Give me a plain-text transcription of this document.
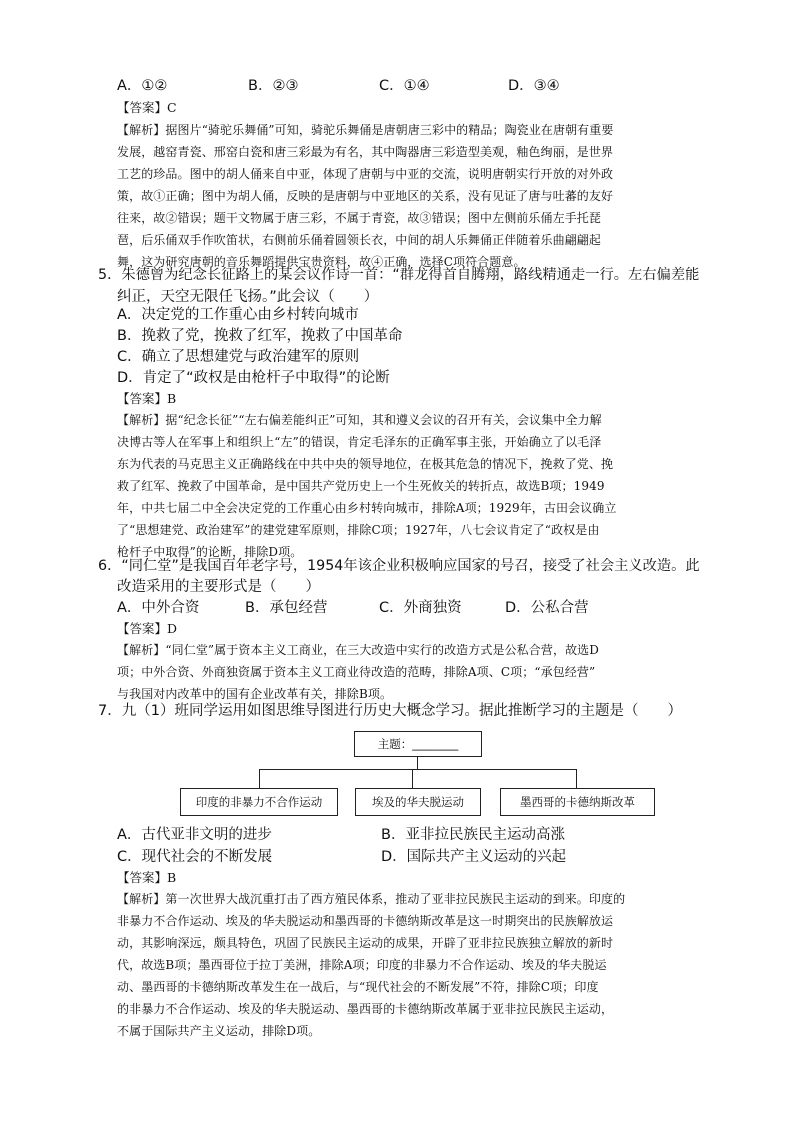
A．①②	B．②③	C．①④	D．③④
【答案】C
【解析】据图片“骑驼乐舞俑”可知，骑驼乐舞俑是唐朝唐三彩中的精品；陶瓷业在唐朝有重要
发展，越窑青瓷、邢窑白瓷和唐三彩最为有名，其中陶器唐三彩造型美观，釉色绚丽，是世界
工艺的珍品。图中的胡人俑来自中亚，体现了唐朝与中亚的交流，说明唐朝实行开放的对外政
策，故①正确；图中为胡人俑，反映的是唐朝与中亚地区的关系，没有见证了唐与吐蕃的友好
往来，故②错误；题干文物属于唐三彩，不属于青瓷，故③错误；图中左侧前乐俑左手托琵
琶，后乐俑双手作吹笛状，右侧前乐俑着圆领长衣，中间的胡人乐舞俑正伴随着乐曲翩翩起
舞，这为研究唐朝的音乐舞蹈提供宝贵资料，故④正确，选择C项符合题意。
5．朱德曾为纪念长征路上的某会议作诗一首：“群龙得首自腾翔，路线精通走一行。左右偏差能
纠正，天空无限任飞扬。”此会议（　　）
A．决定党的工作重心由乡村转向城市
B．挽救了党，挽救了红军，挽救了中国革命
C．确立了思想建党与政治建军的原则
D．肯定了“政权是由枪杆子中取得”的论断
【答案】B
【解析】据“纪念长征”“左右偏差能纠正”可知，其和遵义会议的召开有关，会议集中全力解
决博古等人在军事上和组织上“左”的错误，肯定毛泽东的正确军事主张，开始确立了以毛泽
东为代表的马克思主义正确路线在中共中央的领导地位，在极其危急的情况下，挽救了党、挽
救了红军、挽救了中国革命，是中国共产党历史上一个生死攸关的转折点，故选B项；1949
年，中共七届二中全会决定党的工作重心由乡村转向城市，排除A项；1929年，古田会议确立
了“思想建党、政治建军”的建党建军原则，排除C项；1927年，八七会议肯定了“政权是由
枪杆子中取得”的论断，排除D项。
6．“同仁堂”是我国百年老字号，1954年该企业积极响应国家的号召，接受了社会主义改造。此
改造采用的主要形式是（　　）
A．中外合资	B．承包经营	C．外商独资	D．公私合营
【答案】D
【解析】“同仁堂”属于资本主义工商业，在三大改造中实行的改造方式是公私合营，故选D
项；中外合资、外商独资属于资本主义工商业待改造的范畴，排除A项、C项；“承包经营”
与我国对内改革中的国有企业改革有关，排除B项。
7．九（1）班同学运用如图思维导图进行历史大概念学习。据此推断学习的主题是（　　）
主题：________
印度的非暴力不合作运动	埃及的华夫脱运动	墨西哥的卡德纳斯改革
A．古代亚非文明的进步	B．亚非拉民族民主运动高涨
C．现代社会的不断发展	D．国际共产主义运动的兴起
【答案】B
【解析】第一次世界大战沉重打击了西方殖民体系，推动了亚非拉民族民主运动的到来。印度的
非暴力不合作运动、埃及的华夫脱运动和墨西哥的卡德纳斯改革是这一时期突出的民族解放运
动，其影响深远，颇具特色，巩固了民族民主运动的成果，开辟了亚非拉民族独立解放的新时
代，故选B项；墨西哥位于拉丁美洲，排除A项；印度的非暴力不合作运动、埃及的华夫脱运
动、墨西哥的卡德纳斯改革发生在一战后，与“现代社会的不断发展”不符，排除C项；印度
的非暴力不合作运动、埃及的华夫脱运动、墨西哥的卡德纳斯改革属于亚非拉民族民主运动，
不属于国际共产主义运动，排除D项。
